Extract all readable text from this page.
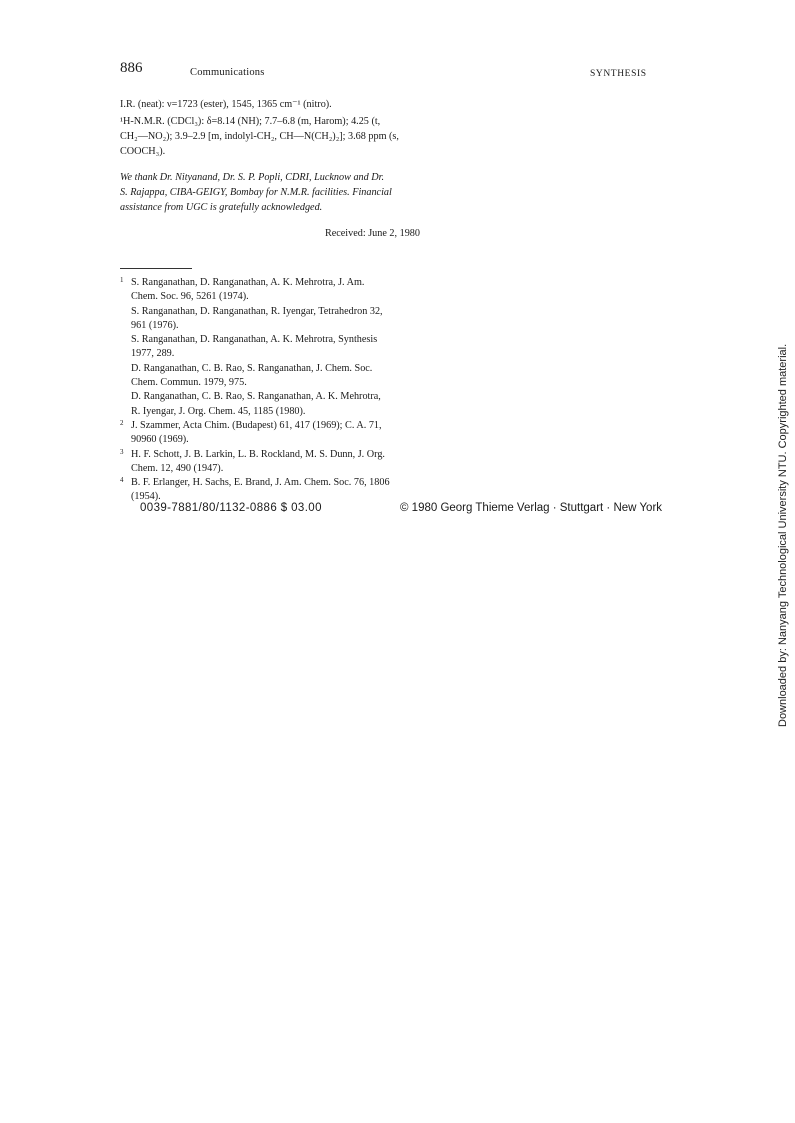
886	Communications	SYNTHESIS
I.R. (neat): ν=1723 (ester), 1545, 1365 cm⁻¹ (nitro).
¹H-N.M.R. (CDCl₃): δ=8.14 (NH); 7.7–6.8 (m, Harom); 4.25 (t,
CH₂—NO₂); 3.9–2.9 [m, indolyl-CH₂, CH—N(CH₂)₂]; 3.68 ppm (s,
COOCH₃).
We thank Dr. Nityanand, Dr. S. P. Popli, CDRI, Lucknow and Dr.
S. Rajappa, CIBA-GEIGY, Bombay for N.M.R. facilities. Financial
assistance from UGC is gratefully acknowledged.
Received: June 2, 1980
1 S. Ranganathan, D. Ranganathan, A. K. Mehrotra, J. Am.
Chem. Soc. 96, 5261 (1974).
S. Ranganathan, D. Ranganathan, R. Iyengar, Tetrahedron 32,
961 (1976).
S. Ranganathan, D. Ranganathan, A. K. Mehrotra, Synthesis
1977, 289.
D. Ranganathan, C. B. Rao, S. Ranganathan, J. Chem. Soc.
Chem. Commun. 1979, 975.
D. Ranganathan, C. B. Rao, S. Ranganathan, A. K. Mehrotra,
R. Iyengar, J. Org. Chem. 45, 1185 (1980).
2 J. Szammer, Acta Chim. (Budapest) 61, 417 (1969); C. A. 71,
90960 (1969).
3 H. F. Schott, J. B. Larkin, L. B. Rockland, M. S. Dunn, J. Org.
Chem. 12, 490 (1947).
4 B. F. Erlanger, H. Sachs, E. Brand, J. Am. Chem. Soc. 76, 1806
(1954).
0039-7881/80/1132-0886 $ 03.00	© 1980 Georg Thieme Verlag · Stuttgart · New York	Downloaded by: Nanyang Technological University NTU. Copyrighted material.
